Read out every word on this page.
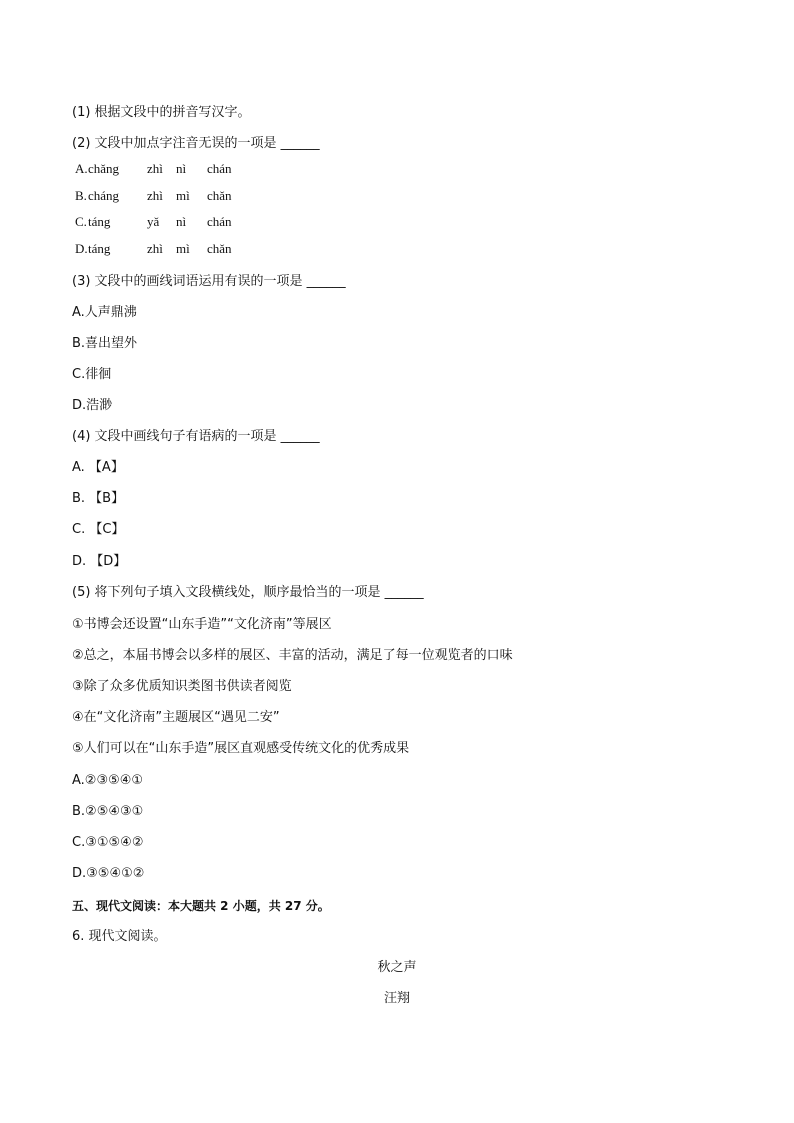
(1) 根据文段中的拼音写汉字。
(2) 文段中加点字注音无误的一项是 ______
A. chǎng zhì nì chán
B. cháng zhì mì chǎn
C. táng	yǎ nì chán
D. táng	zhì mì chǎn
(3) 文段中的画线词语运用有误的一项是 ______
A.人声鼎沸
B.喜出望外
C.徘徊
D.浩渺
(4) 文段中画线句子有语病的一项是 ______
A. 【A】
B. 【B】
C. 【C】
D. 【D】
(5) 将下列句子填入文段横线处，顺序最恰当的一项是 ______
①书博会还设置“山东手造”“文化济南”等展区
②总之，本届书博会以多样的展区、丰富的活动，满足了每一位观览者的口味
③除了众多优质知识类图书供读者阅览
④在“文化济南”主题展区“遇见二安”
⑤人们可以在“山东手造”展区直观感受传统文化的优秀成果
A.②③⑤④①
B.②⑤④③①
C.③①⑤④②
D.③⑤④①②
五、现代文阅读：本大题共 2 小题，共 27 分。
6. 现代文阅读。
秋之声
汪翔
